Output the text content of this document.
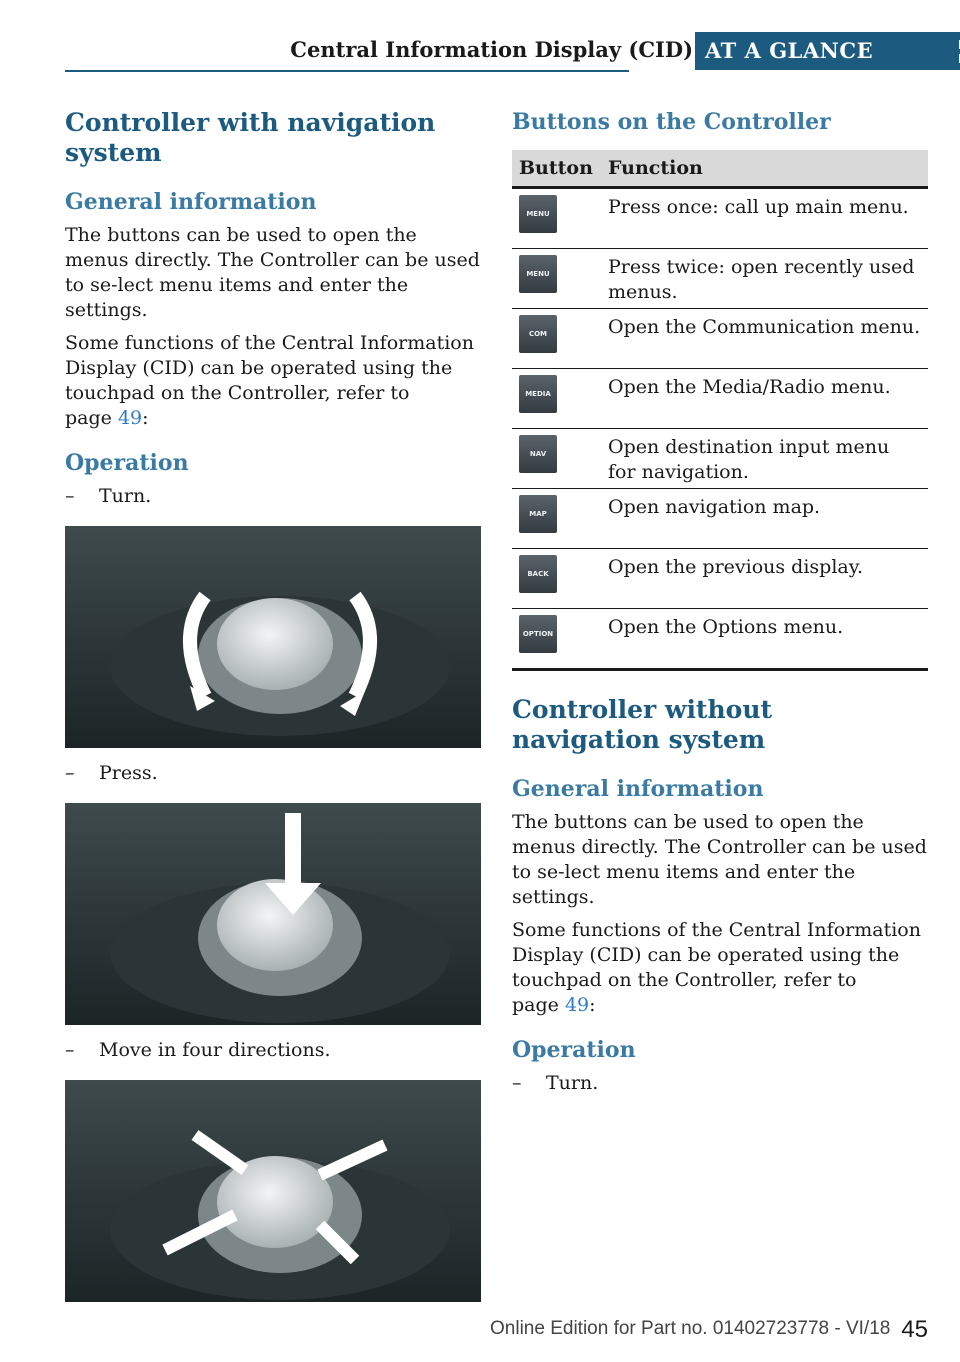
Central Information Display (CID) AT A GLANCE
Controller with navigation system
General information

The buttons can be used to open the menus directly. The Controller can be used to se‐lect menu items and enter the settings.

Some functions of the Central Information Display (CID) can be operated using the touchpad on the Controller, refer to page 49:

Operation
– Turn.
– Press.
– Move in four directions.
Buttons on the Controller
Button	Function

MENU	Press once: call up main menu.

MENU	Press twice: open recently used menus.

COM	Open the Communication menu.

MEDIA	Open the Media/Radio menu.

NAV	Open destination input menu for navigation.

MAP	Open navigation map.

BACK	Open the previous display.

OPTION	Open the Options menu.
Controller without navigation system
General information

The buttons can be used to open the menus directly. The Controller can be used to se‐lect menu items and enter the settings.

Some functions of the Central Information Display (CID) can be operated using the touchpad on the Controller, refer to page 49:

Operation
– Turn.
Online Edition for Part no. 01402723778 - VI/18 45
